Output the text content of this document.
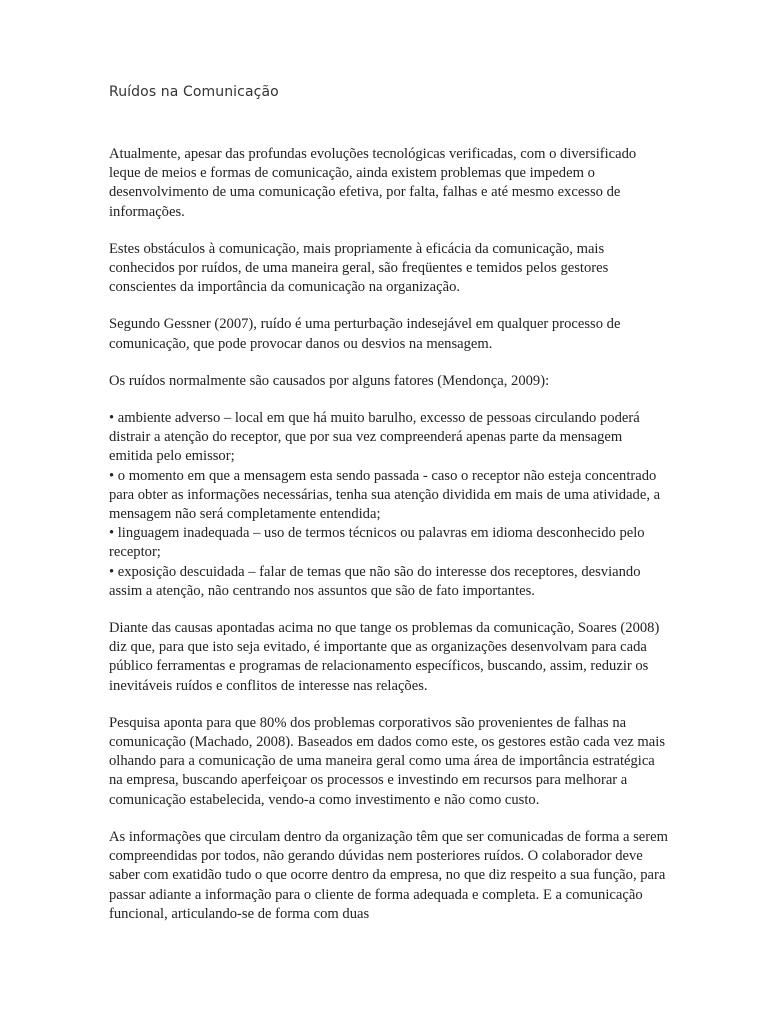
Ruídos na Comunicação

Atualmente, apesar das profundas evoluções tecnológicas verificadas, com o diversificado leque de meios e formas de comunicação, ainda existem problemas que impedem o desenvolvimento de uma comunicação efetiva, por falta, falhas e até mesmo excesso de informações.

Estes obstáculos à comunicação, mais propriamente à eficácia da comunicação, mais conhecidos por ruídos, de uma maneira geral, são freqüentes e temidos pelos gestores conscientes da importância da comunicação na organização.

Segundo Gessner (2007), ruído é uma perturbação indesejável em qualquer processo de comunicação, que pode provocar danos ou desvios na mensagem.

Os ruídos normalmente são causados por alguns fatores (Mendonça, 2009):

• ambiente adverso – local em que há muito barulho, excesso de pessoas circulando poderá distrair a atenção do receptor, que por sua vez compreenderá apenas parte da mensagem emitida pelo emissor;

• o momento em que a mensagem esta sendo passada - caso o receptor não esteja concentrado para obter as informações necessárias, tenha sua atenção dividida em mais de uma atividade, a mensagem não será completamente entendida;

• linguagem inadequada – uso de termos técnicos ou palavras em idioma desconhecido pelo receptor;

• exposição descuidada – falar de temas que não são do interesse dos receptores, desviando assim a atenção, não centrando nos assuntos que são de fato importantes.

Diante das causas apontadas acima no que tange os problemas da comunicação, Soares (2008) diz que, para que isto seja evitado, é importante que as organizações desenvolvam para cada público ferramentas e programas de relacionamento específicos, buscando, assim, reduzir os inevitáveis ruídos e conflitos de interesse nas relações.

Pesquisa aponta para que 80% dos problemas corporativos são provenientes de falhas na comunicação (Machado, 2008). Baseados em dados como este, os gestores estão cada vez mais olhando para a comunicação de uma maneira geral como uma área de importância estratégica na empresa, buscando aperfeiçoar os processos e investindo em recursos para melhorar a comunicação estabelecida, vendo-a como investimento e não como custo.

As informações que circulam dentro da organização têm que ser comunicadas de forma a serem compreendidas por todos, não gerando dúvidas nem posteriores ruídos. O colaborador deve saber com exatidão tudo o que ocorre dentro da empresa, no que diz respeito a sua função, para passar adiante a informação para o cliente de forma adequada e completa. E a comunicação funcional, articulando-se de forma com duas
